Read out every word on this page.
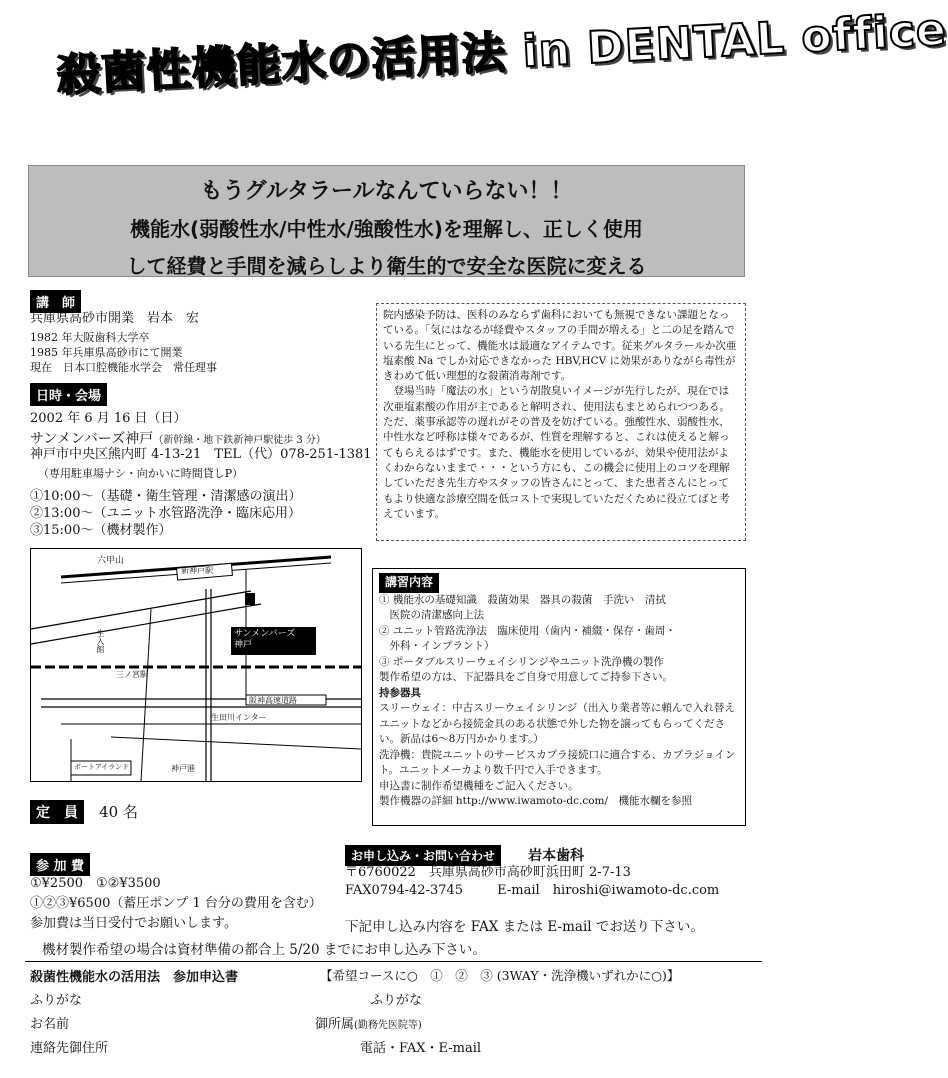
殺菌性機能水の活用法 in DENTAL office
もうグルタラールなんていらない！！
機能水(弱酸性水/中性水/強酸性水)を理解し、正しく使用
して経費と手間を減らしより衛生的で安全な医院に変える
講　師
兵庫県高砂市開業　岩本　宏
1982 年大阪歯科大学卒
1985 年兵庫県高砂市にて開業
現在　日本口腔機能水学会　常任理事
日時・会場
2002 年 6 月 16 日（日）
サンメンバーズ神戸（新幹線・地下鉄新神戸駅徒歩 3 分）
神戸市中央区熊内町 4-13-21　TEL（代）078-251-1381
（専用駐車場ナシ・向かいに時間貸しP）
①10:00～（基礎・衛生管理・清潔感の演出）
②13:00～（ユニット水管路洗浄・臨床応用）
③15:00～（機材製作）

院内感染予防は、医科のみならず歯科においても無視できない課題となっている。「気にはなるが経費やスタッフの手間が増える」と二の足を踏んでいる先生にとって、機能水は最適なアイテムです。従来グルタラールか次亜塩素酸 Na でしか対応できなかった HBV,HCV に効果がありながら毒性がきわめて低い理想的な殺菌消毒剤です。

登場当時「魔法の水」という胡散臭いイメージが先行したが、現在では次亜塩素酸の作用が主であると解明され、使用法もまとめられつつある。ただ、薬事承認等の遅れがその普及を妨げている。強酸性水、弱酸性水、中性水など呼称は様々であるが、性質を理解すると、これは使えると解ってもらえるはずです。また、機能水を使用しているが、効果や使用法がよくわからないままで・・・という方にも、この機会に使用上のコツを理解していただき先生方やスタッフの皆さんにとって、また患者さんにとってもより快適な診療空間を低コストで実現していただくために役立てばと考えています。

六甲山
新神戸駅
サンメンバーズ
神戸
生入館
三ノ宮駅
阪神高速道路
生田川インター
ポートアイランド	神戸港

講習内容

① 機能水の基礎知識　殺菌効果　器具の殺菌　手洗い　清拭

　医院の清潔感向上法

② ユニット管路洗浄法　臨床使用（歯内・補綴・保存・歯周・

　外科・インプラント）

③ ポータブルスリーウェイシリンジやユニット洗浄機の製作

製作希望の方は、下記器具をご自身で用意してご持参下さい。

持参器具

スリーウェイ：中古スリーウェイシリンジ（出入り業者等に頼んで入れ替えユニットなどから接続金具のある状態で外した物を譲ってもらってください。新品は6～8万円かかります。）

洗浄機：貴院ユニットのサービスカプラ接続口に適合する、カプラジョイント。ユニットメーカより数千円で入手できます。

申込書に制作希望機種をご記入ください。

製作機器の詳細 http://www.iwamoto-dc.com/　機能水欄を参照

定　員 40 名
参 加 費
①¥2500　①②¥3500
①②③¥6500（蓄圧ポンプ 1 台分の費用を含む）
参加費は当日受付でお願いします。
お申し込み・お問い合わせ 岩本歯科
〒6760022　兵庫県高砂市高砂町浜田町 2-7-13
FAX0794-42-3745	E-mail　hiroshi@iwamoto-dc.com
下記申し込み内容を FAX または E-mail でお送り下さい。
機材製作希望の場合は資材準備の都合上 5/20 までにお申し込み下さい。
殺菌性機能水の活用法　参加申込書	【希望コースに○　①　②　③ (3WAY・洗浄機いずれかに○)】
ふりがな	ふりがな
お名前	御所属(勤務先医院等)
連絡先御住所	電話・FAX・E-mail
